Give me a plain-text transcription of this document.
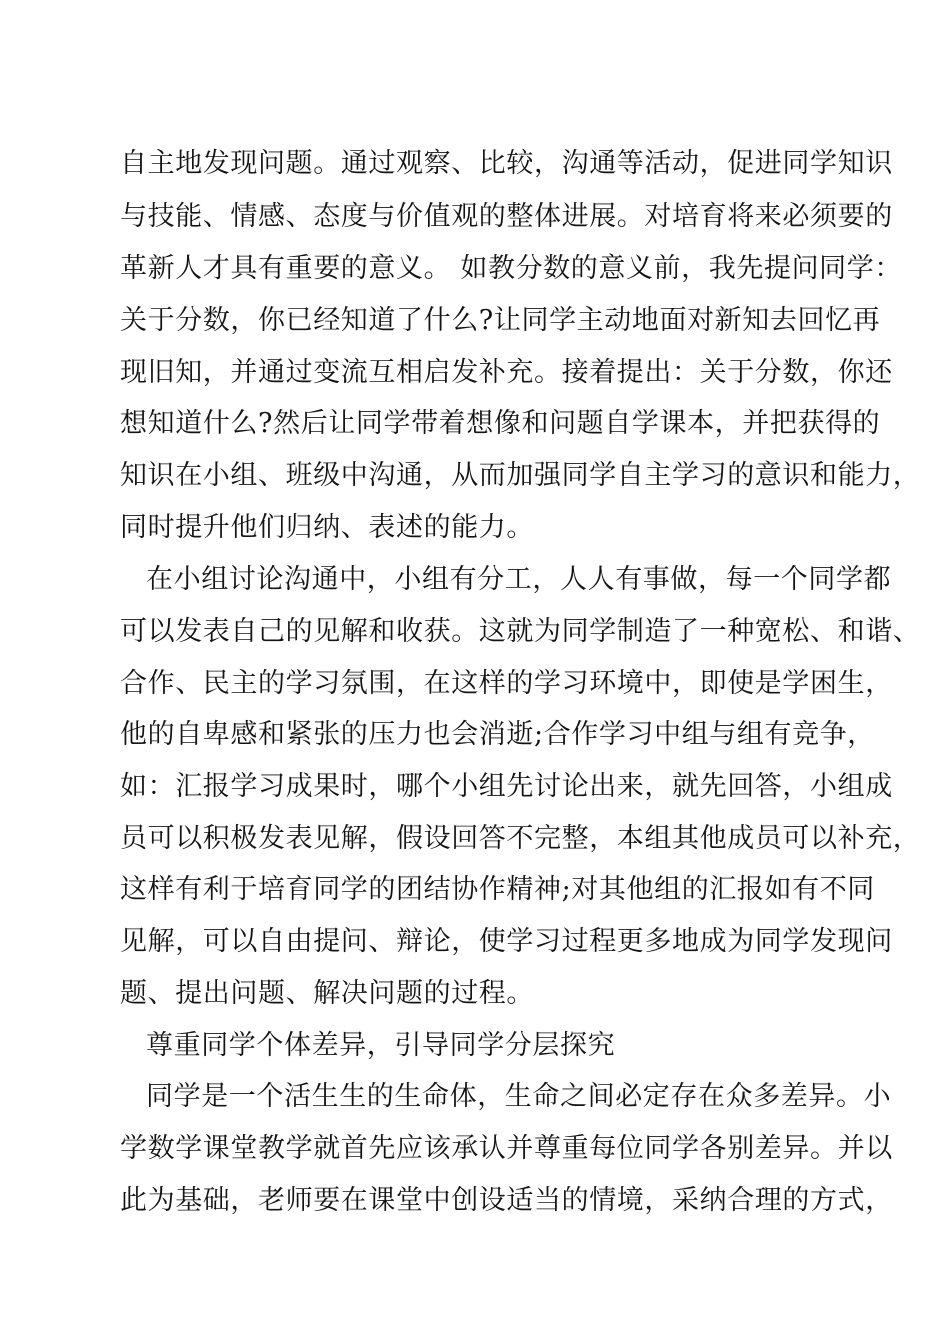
自主地发现问题。通过观察、比较，沟通等活动，促进同学知识
与技能、情感、态度与价值观的整体进展。对培育将来必须要的
革新人才具有重要的意义。 如教分数的意义前，我先提问同学：
关于分数，你已经知道了什么?让同学主动地面对新知去回忆再
现旧知，并通过变流互相启发补充。接着提出：关于分数，你还
想知道什么?然后让同学带着想像和问题自学课本，并把获得的
知识在小组、班级中沟通，从而加强同学自主学习的意识和能力，
同时提升他们归纳、表述的能力。
在小组讨论沟通中，小组有分工，人人有事做，每一个同学都
可以发表自己的见解和收获。这就为同学制造了一种宽松、和谐、
合作、民主的学习氛围，在这样的学习环境中，即使是学困生，
他的自卑感和紧张的压力也会消逝;合作学习中组与组有竞争，
如：汇报学习成果时，哪个小组先讨论出来，就先回答，小组成
员可以积极发表见解，假设回答不完整，本组其他成员可以补充，
这样有利于培育同学的团结协作精神;对其他组的汇报如有不同
见解，可以自由提问、辩论，使学习过程更多地成为同学发现问
题、提出问题、解决问题的过程。
尊重同学个体差异，引导同学分层探究
同学是一个活生生的生命体，生命之间必定存在众多差异。小
学数学课堂教学就首先应该承认并尊重每位同学各别差异。并以
此为基础，老师要在课堂中创设适当的情境，采纳合理的方式，
